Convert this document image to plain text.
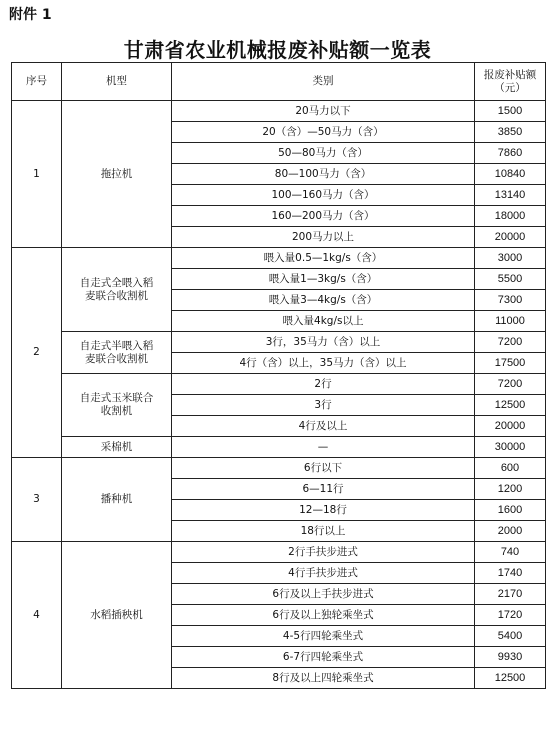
附件 1
甘肃省农业机械报废补贴额一览表
序号	机型	类别	报废补贴额（元）
1	拖拉机	20马力以下	1500
		20（含）—50马力（含）	3850
		50—80马力（含）	7860
		80—100马力（含）	10840
		100—160马力（含）	13140
		160—200马力（含）	18000
		200马力以上	20000
2	自走式全喂入稻麦联合收割机	喂入量0.5—1kg/s（含）	3000
		喂入量1—3kg/s（含）	5500
		喂入量3—4kg/s（含）	7300
		喂入量4kg/s以上	11000
	自走式半喂入稻麦联合收割机	3行，35马力（含）以上	7200
		4行（含）以上，35马力（含）以上	17500
	自走式玉米联合收割机	2行	7200
		3行	12500
		4行及以上	20000
	采棉机	—	30000
3	播种机	6行以下	600
		6—11行	1200
		12—18行	1600
		18行以上	2000
4	水稻插秧机	2行手扶步进式	740
		4行手扶步进式	1740
		6行及以上手扶步进式	2170
		6行及以上独轮乘坐式	1720
		4-5行四轮乘坐式	5400
		6-7行四轮乘坐式	9930
		8行及以上四轮乘坐式	12500
